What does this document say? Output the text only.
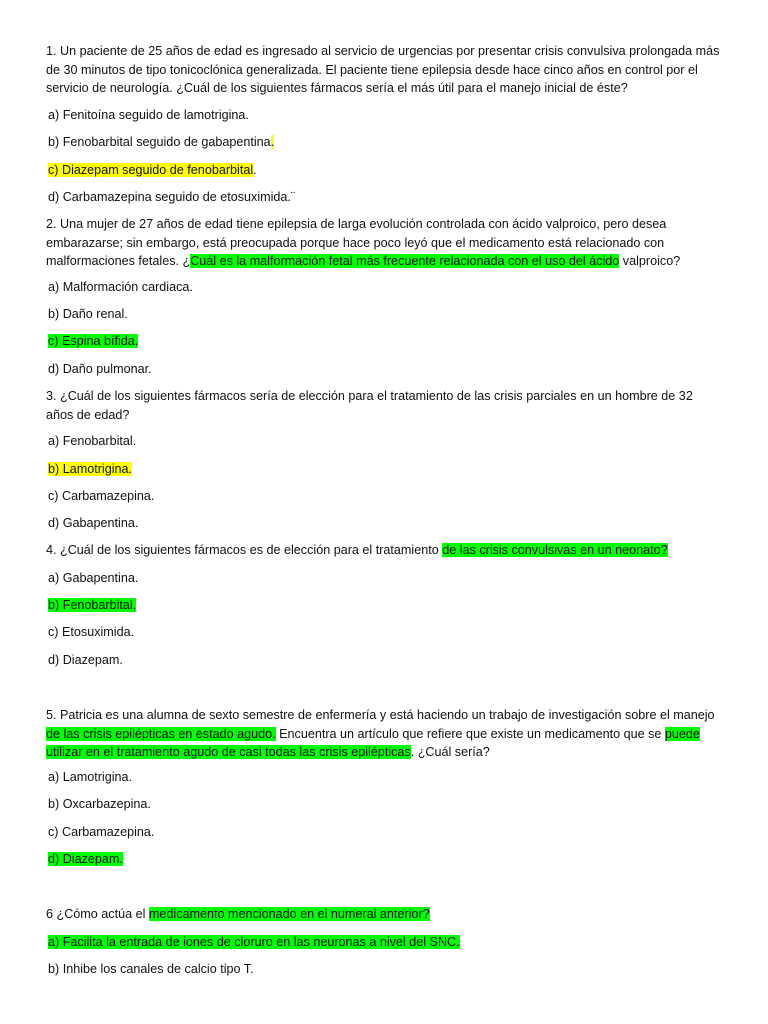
1. Un paciente de 25 años de edad es ingresado al servicio de urgencias por presentar crisis convulsiva prolongada más de 30 minutos de tipo tonicoclónica generalizada. El paciente tiene epilepsia desde hace cinco años en control por el servicio de neurología. ¿Cuál de los siguientes fármacos sería el más útil para el manejo inicial de éste?
a) Fenitoína seguido de lamotrigina.
b) Fenobarbital seguido de gabapentina.
c) Diazepam seguido de fenobarbital.
d) Carbamazepina seguido de etosuximida.¨
2. Una mujer de 27 años de edad tiene epilepsia de larga evolución controlada con ácido valproico, pero desea embarazarse; sin embargo, está preocupada porque hace poco leyó que el medicamento está relacionado con malformaciones fetales. ¿Cuál es la malformación fetal más frecuente relacionada con el uso del ácido valproico?
a) Malformación cardiaca.
b) Daño renal.
c) Espina bífida.
d) Daño pulmonar.
3. ¿Cuál de los siguientes fármacos sería de elección para el tratamiento de las crisis parciales en un hombre de 32 años de edad?
a) Fenobarbital.
b) Lamotrigina.
c) Carbamazepina.
d) Gabapentina.
4. ¿Cuál de los siguientes fármacos es de elección para el tratamiento de las crisis convulsivas en un neonato?
a) Gabapentina.
b) Fenobarbital.
c) Etosuximida.
d) Diazepam.
5. Patricia es una alumna de sexto semestre de enfermería y está haciendo un trabajo de investigación sobre el manejo de las crisis epilépticas en estado agudo. Encuentra un artículo que refiere que existe un medicamento que se puede utilizar en el tratamiento agudo de casi todas las crisis epilépticas. ¿Cuál sería?
a) Lamotrigina.
b) Oxcarbazepina.
c) Carbamazepina.
d) Diazepam.
6 ¿Cómo actúa el medicamento mencionado en el numeral anterior?
a) Facilita la entrada de iones de cloruro en las neuronas a nivel del SNC.
b) Inhibe los canales de calcio tipo T.
